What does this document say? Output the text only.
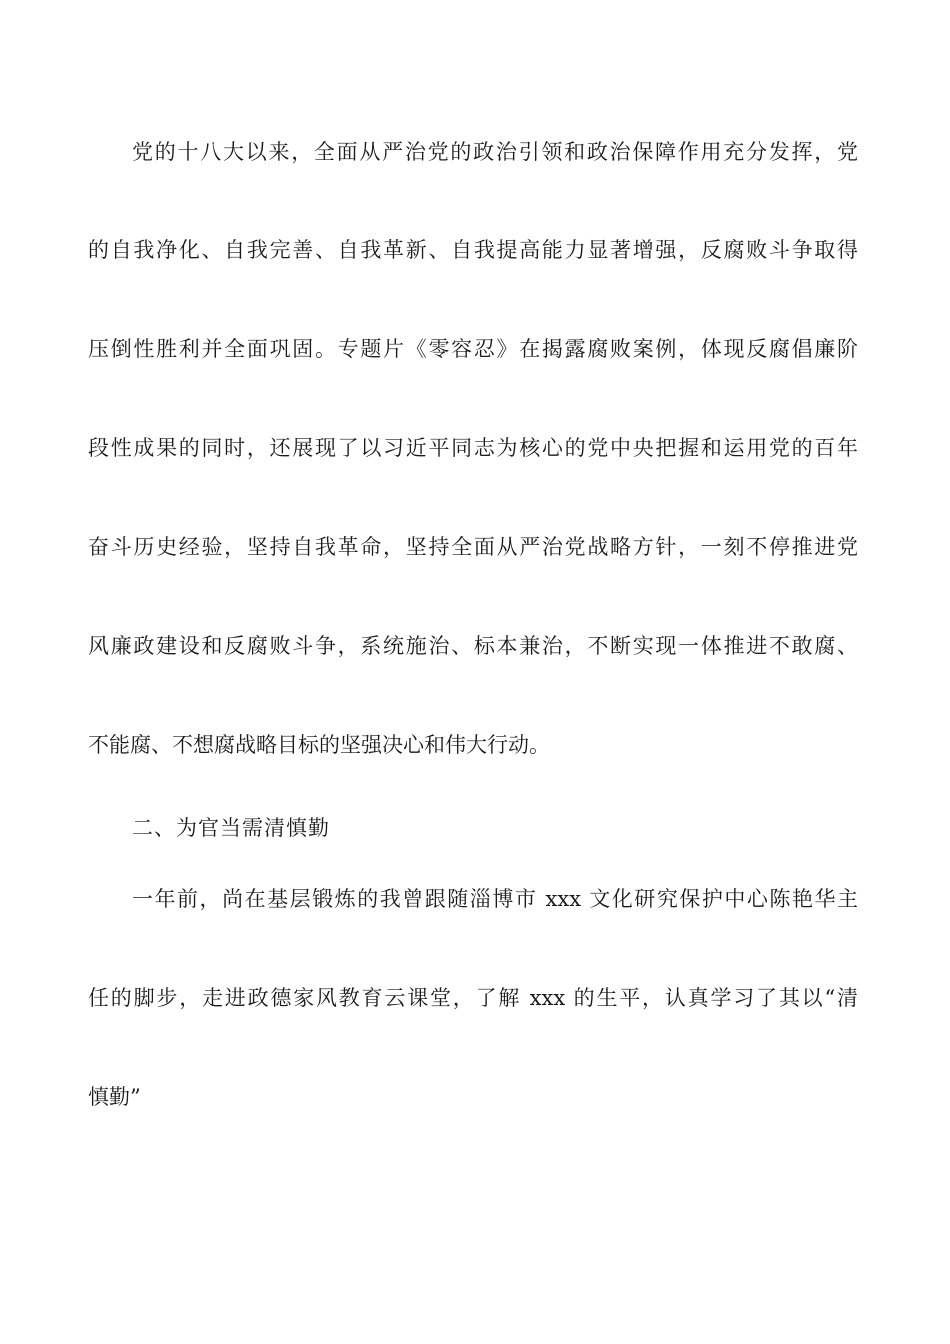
党的十八大以来，全面从严治党的政治引领和政治保障作用充分发挥，党

的自我净化、自我完善、自我革新、自我提高能力显著增强，反腐败斗争取得

压倒性胜利并全面巩固。专题片《零容忍》在揭露腐败案例，体现反腐倡廉阶

段性成果的同时，还展现了以习近平同志为核心的党中央把握和运用党的百年

奋斗历史经验，坚持自我革命，坚持全面从严治党战略方针，一刻不停推进党

风廉政建设和反腐败斗争，系统施治、标本兼治，不断实现一体推进不敢腐、

不能腐、不想腐战略目标的坚强决心和伟大行动。

二、为官当需清慎勤

一年前，尚在基层锻炼的我曾跟随淄博市 xxx 文化研究保护中心陈艳华主

任的脚步，走进政德家风教育云课堂，了解 xxx 的生平，认真学习了其以“清

慎勤”
